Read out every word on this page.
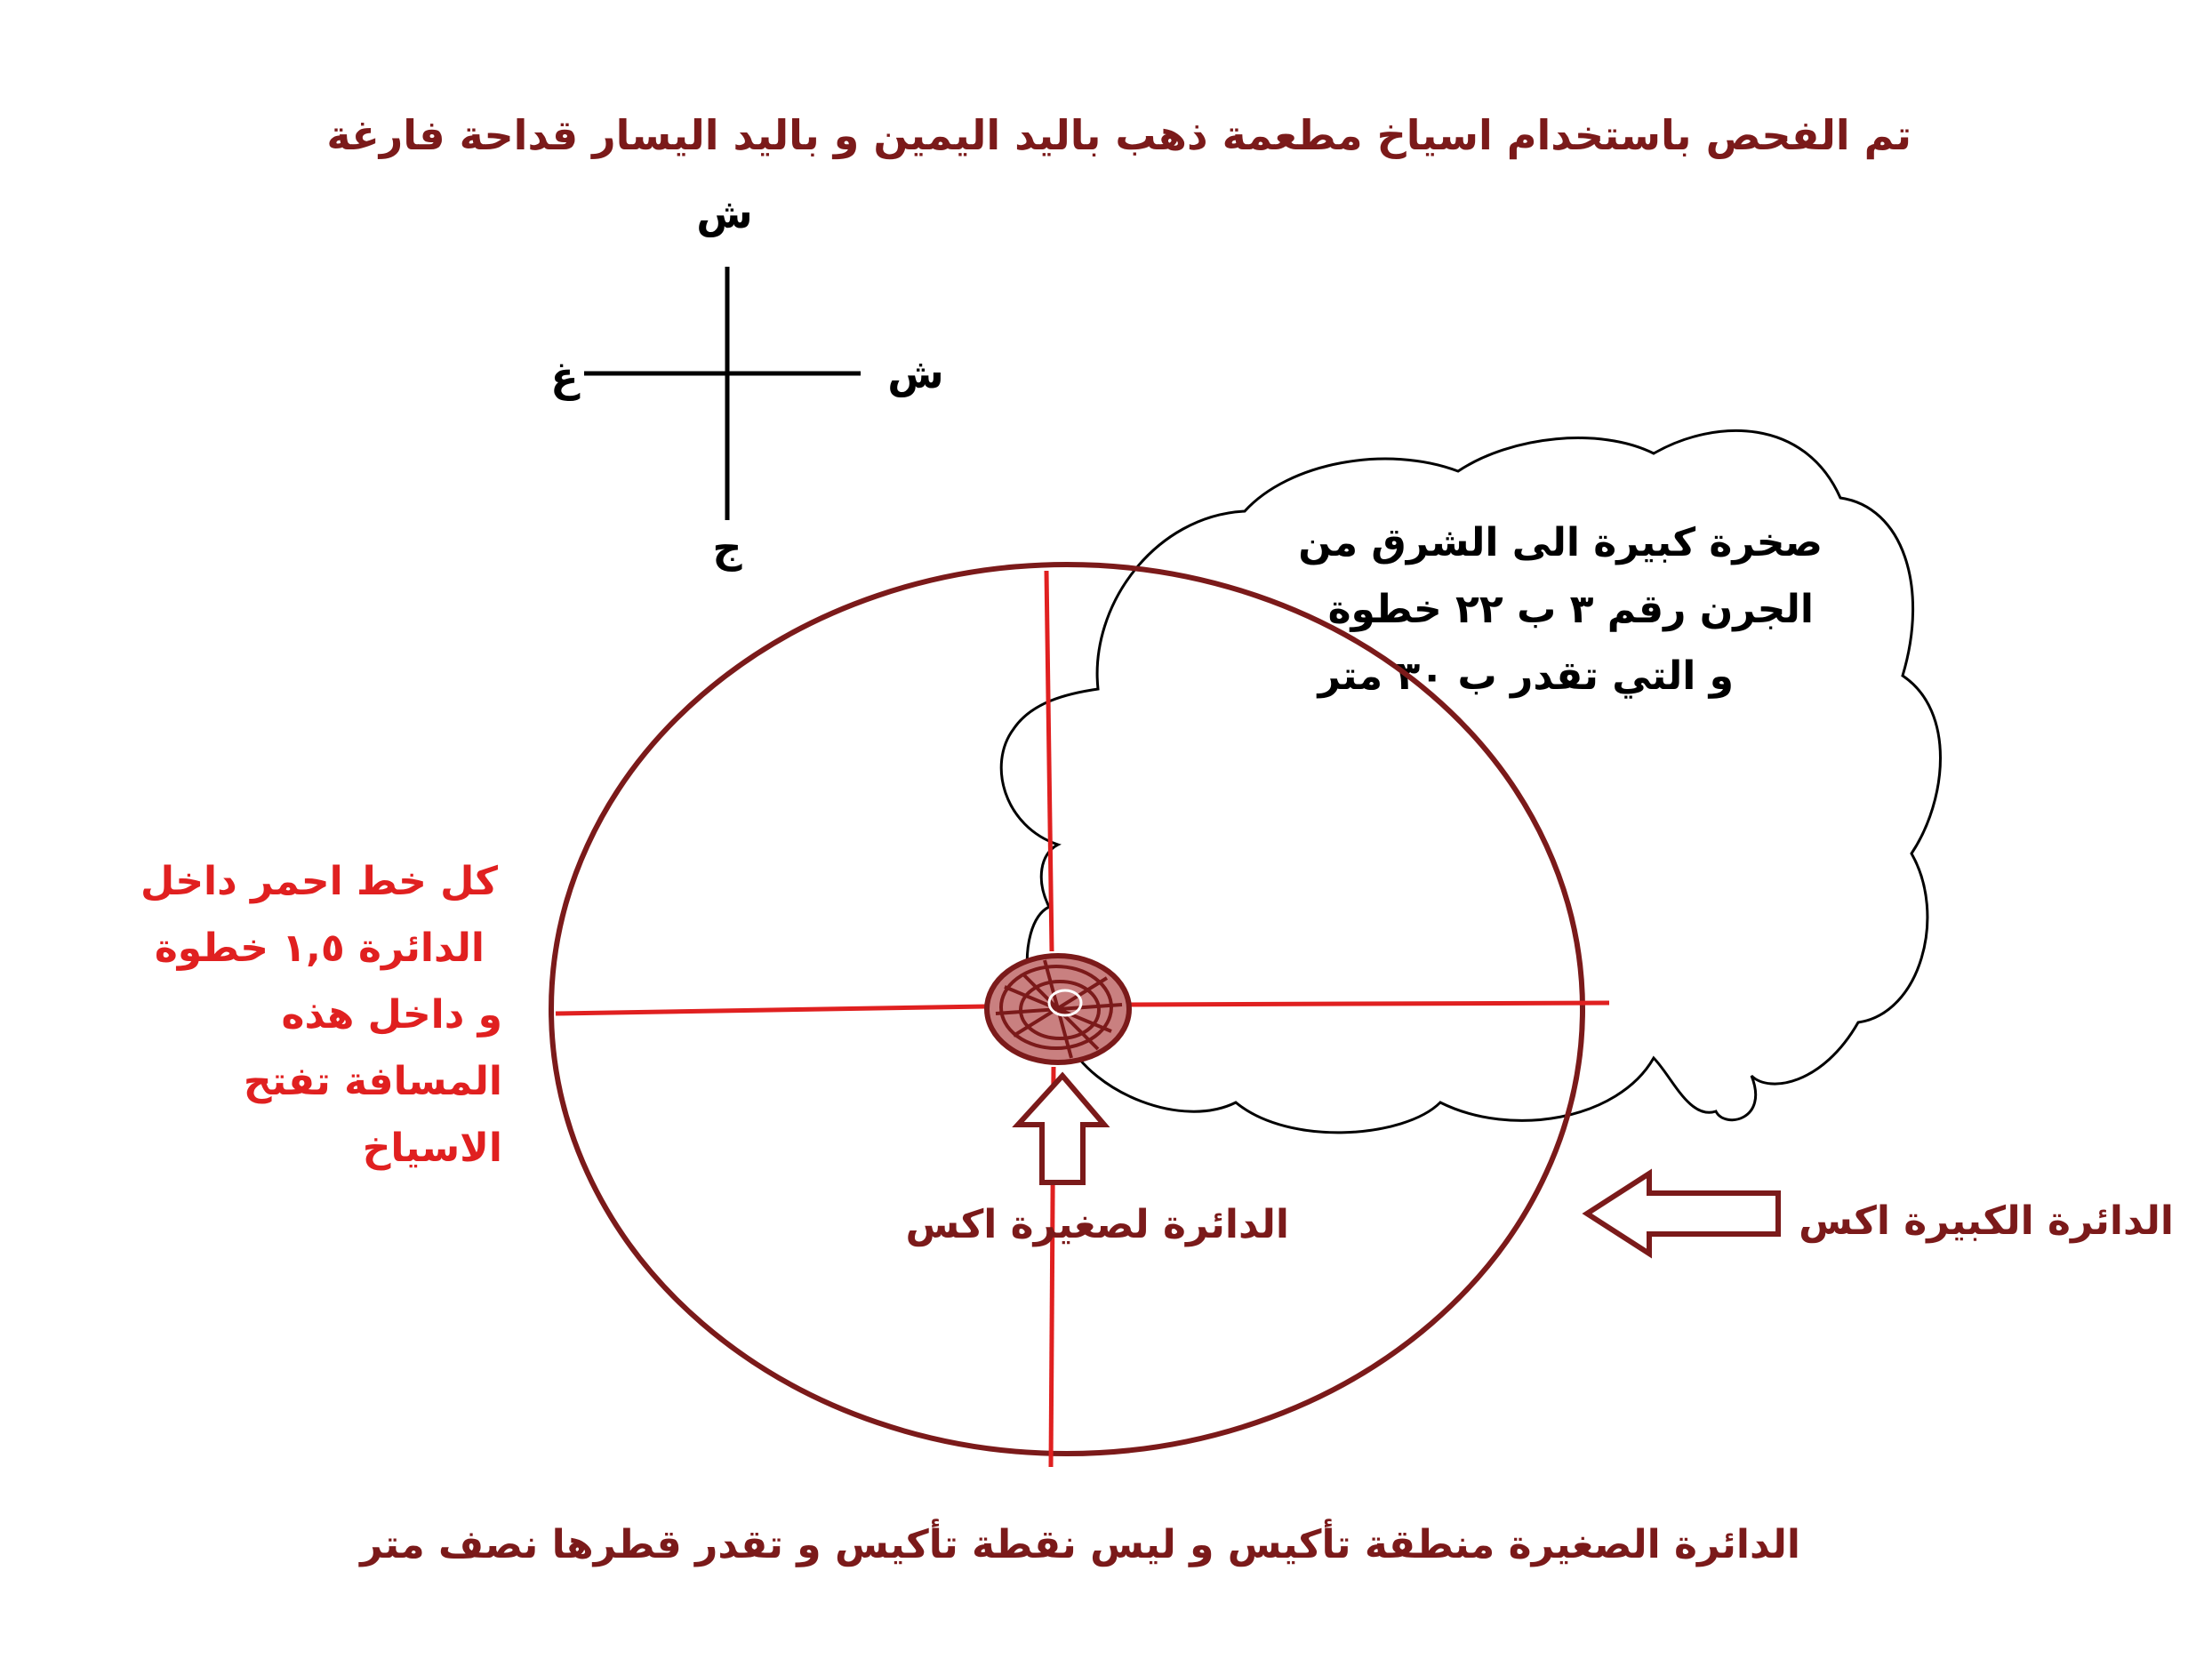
تم الفحص باستخدام اسياخ مطعمة ذهب باليد اليمين و باليد اليسار قداحة فارغة
ش
ج
ش
غ
صخرة كبيرة الى الشرق من
الجرن رقم ٣ ب ٢٢ خطوة
و التي تقدر ب ٣٠ متر
الدائرة لصغيرة اكس	الدائرة الكبيرة اكس
كل خط احمر داخل
الدائرة ١,٥ خطوة
و داخل هذه
المسافة تفتح
الاسياخ
الدائرة الصغيرة منطقة تأكيس و ليس نقطة تأكيس و تقدر قطرها نصف متر
